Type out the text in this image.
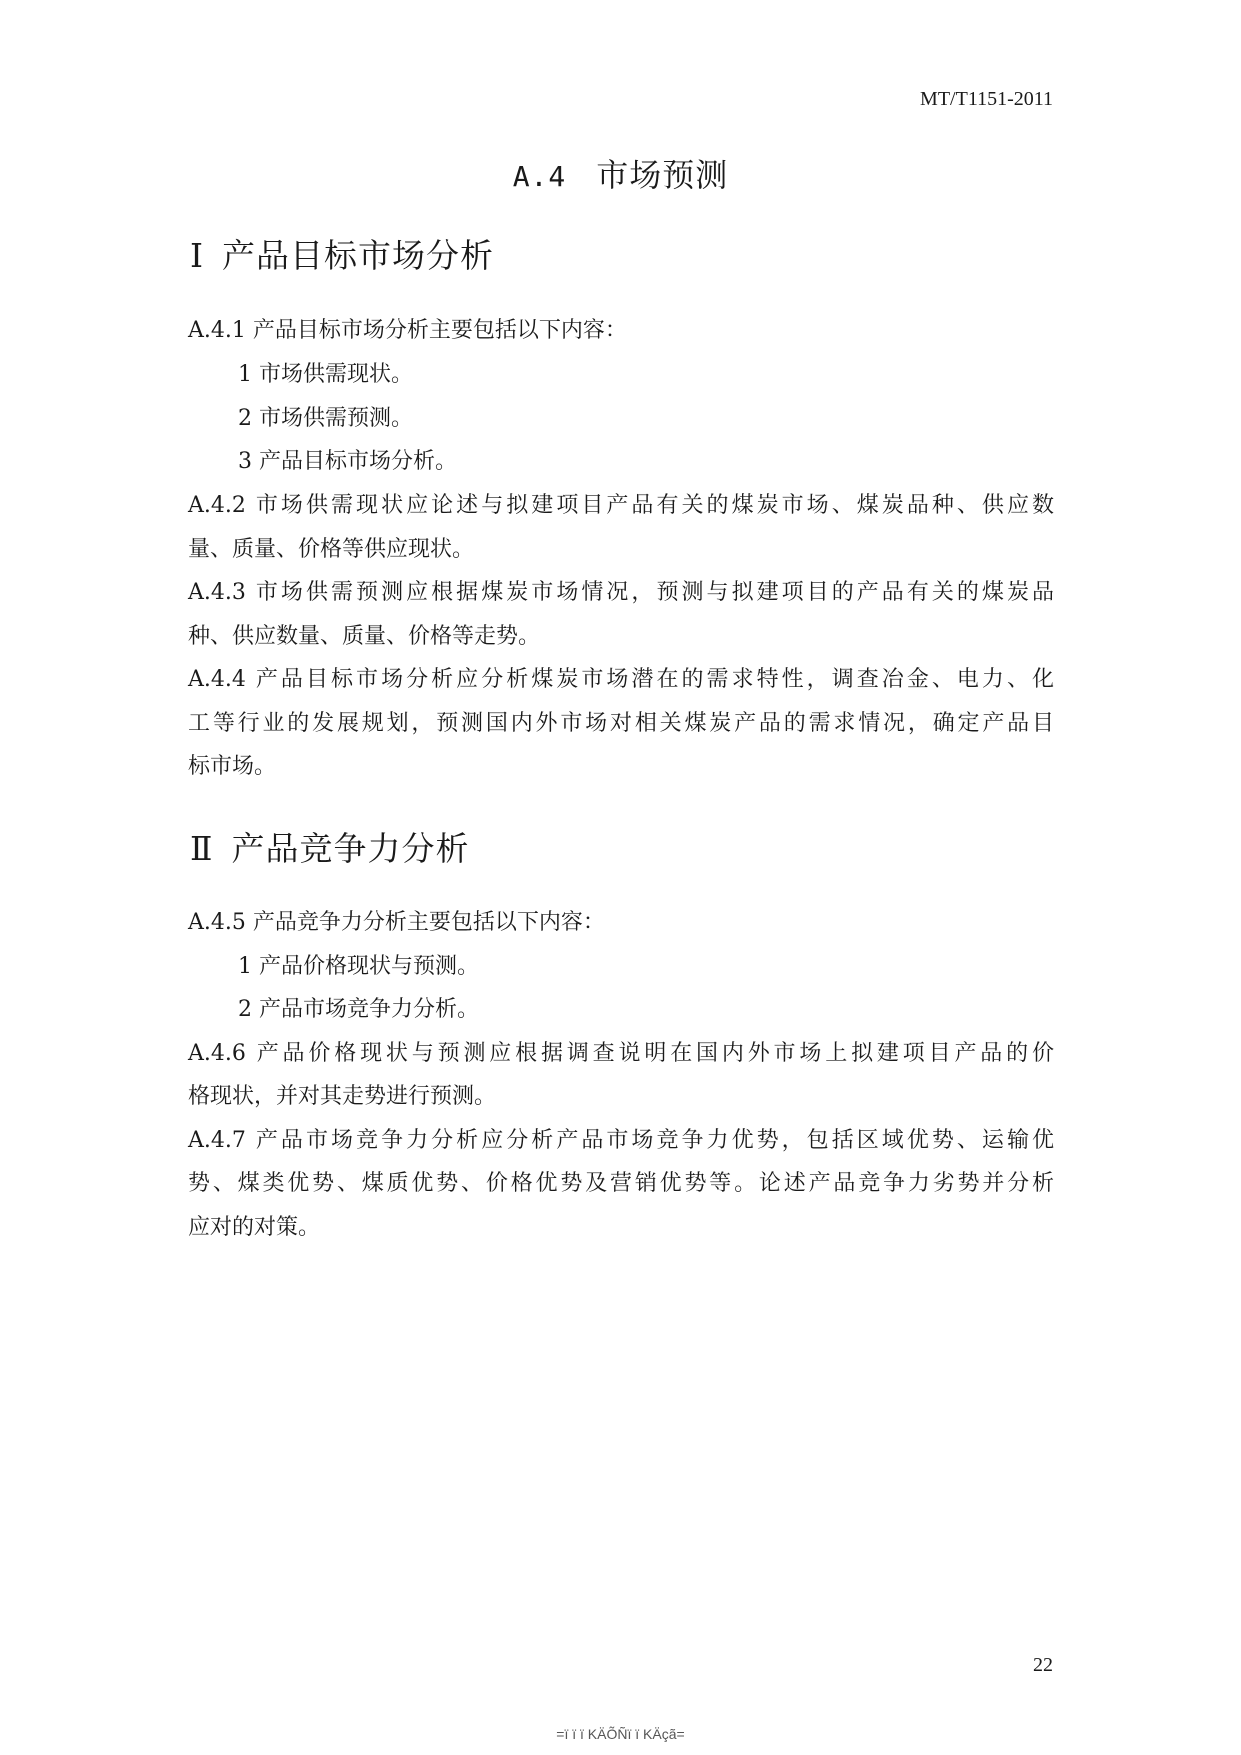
MT/T1151-2011
A.4 市场预测
Ⅰ 产品目标市场分析
A.4.1 产品目标市场分析主要包括以下内容：
1 市场供需现状。
2 市场供需预测。
3 产品目标市场分析。
A.4.2 市场供需现状应论述与拟建项目产品有关的煤炭市场、煤炭品种、供应数
量、质量、价格等供应现状。
A.4.3 市场供需预测应根据煤炭市场情况，预测与拟建项目的产品有关的煤炭品
种、供应数量、质量、价格等走势。
A.4.4 产品目标市场分析应分析煤炭市场潜在的需求特性，调查冶金、电力、化
工等行业的发展规划，预测国内外市场对相关煤炭产品的需求情况，确定产品目
标市场。
Ⅱ 产品竞争力分析
A.4.5 产品竞争力分析主要包括以下内容：
1 产品价格现状与预测。
2 产品市场竞争力分析。
A.4.6 产品价格现状与预测应根据调查说明在国内外市场上拟建项目产品的价
格现状，并对其走势进行预测。
A.4.7 产品市场竞争力分析应分析产品市场竞争力优势，包括区域优势、运输优
势、煤类优势、煤质优势、价格优势及营销优势等。论述产品竞争力劣势并分析
应对的对策。
22
=ï ï ï KÄÕÑï ï KÄçã=
